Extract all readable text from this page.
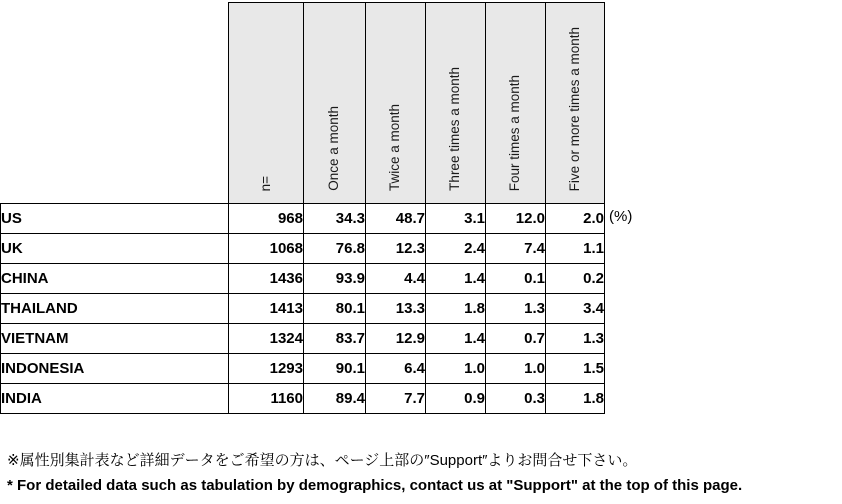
	n=	Once a month	Twice a month	Three times a month	Four times a month	Five or more times a month
US	968	34.3	48.7	3.1	12.0	2.0
UK	1068	76.8	12.3	2.4	7.4	1.1
CHINA	1436	93.9	4.4	1.4	0.1	0.2
THAILAND	1413	80.1	13.3	1.8	1.3	3.4
VIETNAM	1324	83.7	12.9	1.4	0.7	1.3
INDONESIA	1293	90.1	6.4	1.0	1.0	1.5
INDIA	1160	89.4	7.7	0.9	0.3	1.8
(%)
※属性別集計表など詳細データをご希望の方は、ページ上部の″Support″よりお問合せ下さい。
* For detailed data such as tabulation by demographics, contact us at "Support" at the top of this page.
